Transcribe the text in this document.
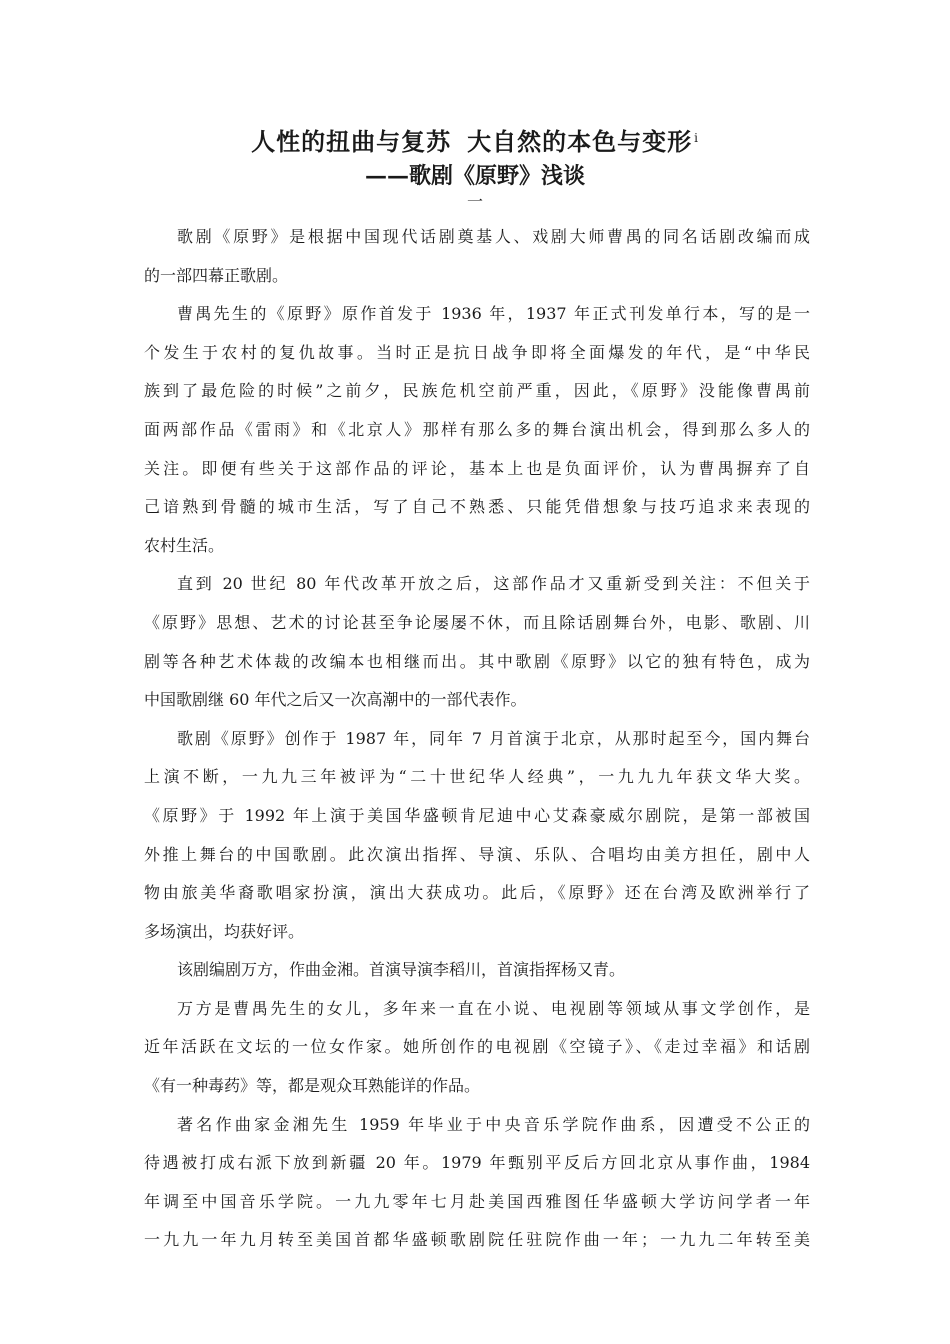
人性的扭曲与复苏 大自然的本色与变形 $^i$
——歌剧《原野》浅谈
一
歌剧《原野》是根据中国现代话剧奠基人、戏剧大师曹禺的同名话剧改编而成
的一部四幕正歌剧。
曹禺先生的《原野》原作首发于 1936 年，1937 年正式刊发单行本，写的是一
个发生于农村的复仇故事。当时正是抗日战争即将全面爆发的年代，是“中华民
族到了最危险的时候”之前夕，民族危机空前严重，因此，《原野》没能像曹禺前
面两部作品《雷雨》和《北京人》那样有那么多的舞台演出机会，得到那么多人的
关注。即便有些关于这部作品的评论，基本上也是负面评价，认为曹禺摒弃了自
己谙熟到骨髓的城市生活，写了自己不熟悉、只能凭借想象与技巧追求来表现的
农村生活。
直到 20 世纪 80 年代改革开放之后，这部作品才又重新受到关注：不但关于
《原野》思想、艺术的讨论甚至争论屡屡不休，而且除话剧舞台外，电影、歌剧、川
剧等各种艺术体裁的改编本也相继而出。其中歌剧《原野》以它的独有特色，成为
中国歌剧继 60 年代之后又一次高潮中的一部代表作。
歌剧《原野》创作于 1987 年，同年 7 月首演于北京，从那时起至今，国内舞台
上演不断，一九九三年被评为“二十世纪华人经典”，一九九九年获文华大奖。
《原野》于 1992 年上演于美国华盛顿肯尼迪中心艾森豪威尔剧院，是第一部被国
外推上舞台的中国歌剧。此次演出指挥、导演、乐队、合唱均由美方担任，剧中人
物由旅美华裔歌唱家扮演，演出大获成功。此后，《原野》还在台湾及欧洲举行了
多场演出，均获好评。
该剧编剧万方，作曲金湘。首演导演李稻川，首演指挥杨又青。
万方是曹禺先生的女儿，多年来一直在小说、电视剧等领域从事文学创作，是
近年活跃在文坛的一位女作家。她所创作的电视剧《空镜子》、《走过幸福》和话剧
《有一种毒药》等，都是观众耳熟能详的作品。
著名作曲家金湘先生 1959 年毕业于中央音乐学院作曲系，因遭受不公正的
待遇被打成右派下放到新疆 20 年。1979 年甄别平反后方回北京从事作曲，1984
年调至中国音乐学院。一九九零年七月赴美国西雅图任华盛顿大学访问学者一年
一九九一年九月转至美国首都华盛顿歌剧院任驻院作曲一年；一九九二年转至美
